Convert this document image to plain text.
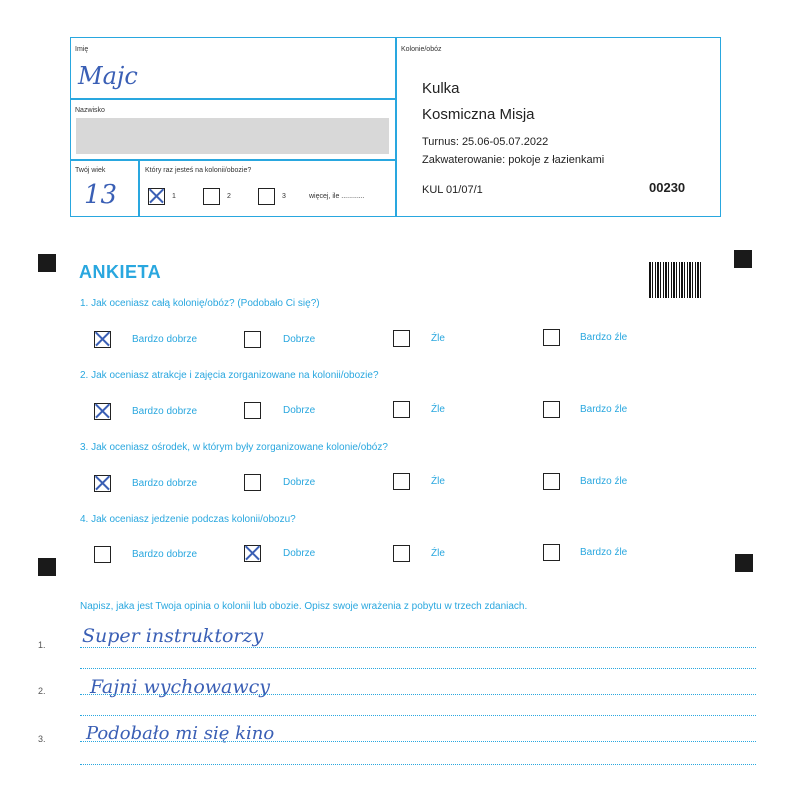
Imię
Majc
Nazwisko
Twój wiek
13
Który raz jesteś na kolonii/obozie?
1	2	3	więcej, ile ............
Kolonie/obóz
Kulka
Kosmiczna Misja
Turnus: 25.06-05.07.2022
Zakwaterowanie: pokoje z łazienkami
KUL 01/07/1	00230
ANKIETA
1. Jak oceniasz całą kolonię/obóz? (Podobało Ci się?)
Bardzo dobrze	Dobrze	Źle	Bardzo źle
2. Jak oceniasz atrakcje i zajęcia zorganizowane na kolonii/obozie?
Bardzo dobrze	Dobrze	Źle	Bardzo źle
3. Jak oceniasz ośrodek, w którym były zorganizowane kolonie/obóz?
Bardzo dobrze	Dobrze	Źle	Bardzo źle
4. Jak oceniasz jedzenie podczas kolonii/obozu?
Bardzo dobrze	Dobrze	Źle	Bardzo źle
Napisz, jaka jest Twoja opinia o kolonii lub obozie. Opisz swoje wrażenia z pobytu w trzech zdaniach.
1. Super instruktorzy
2. Fajni wychowawcy
3. Podobało mi się kino
